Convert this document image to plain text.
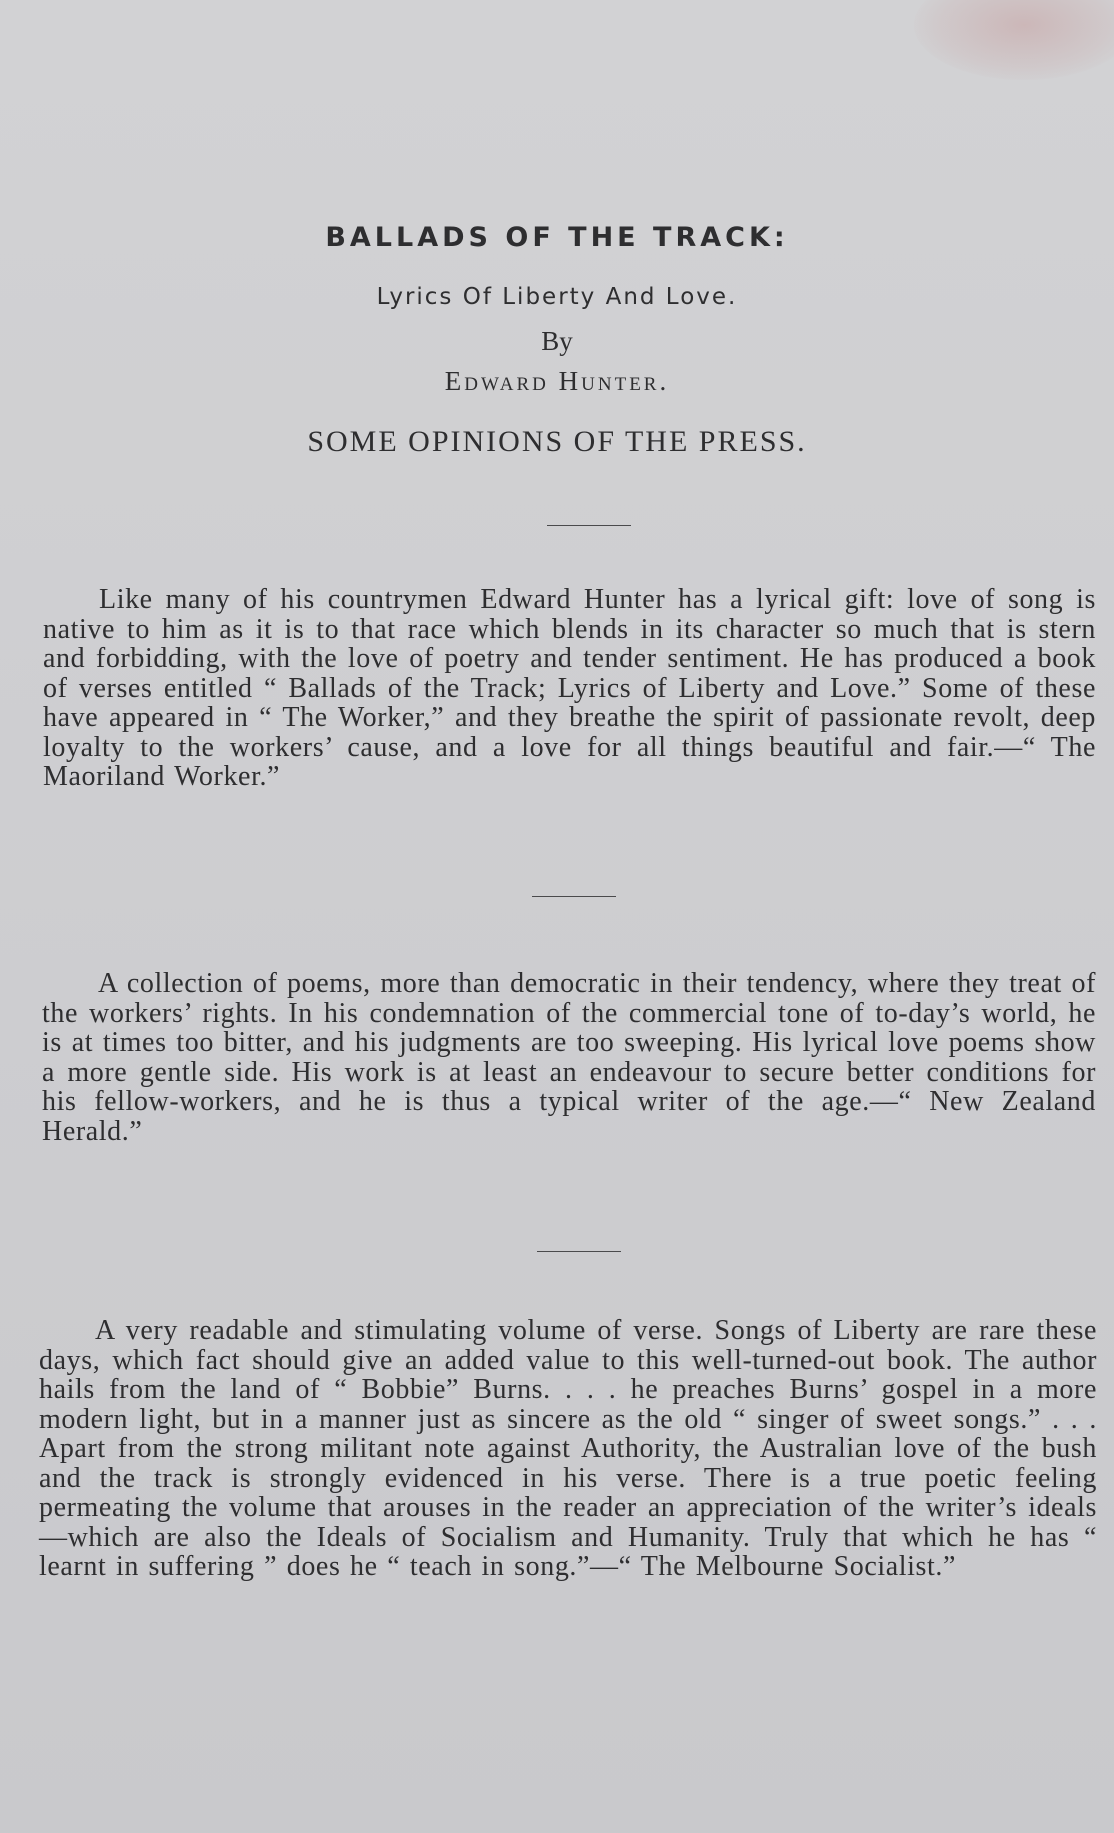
BALLADS OF THE TRACK:
Lyrics Of Liberty And Love.
By
Edward Hunter.
SOME OPINIONS OF THE PRESS.

Like many of his countrymen Edward Hunter has a lyrical gift: love of song is native to him as it is to that race which blends in its character so much that is stern and forbidding, with the love of poetry and tender sentiment. He has produced a book of verses entitled “ Ballads of the Track; Lyrics of Liberty and Love.” Some of these have appeared in “ The Worker,” and they breathe the spirit of passionate revolt, deep loyalty to the workers’ cause, and a love for all things beautiful and fair.—“ The Maoriland Worker.”

A collection of poems, more than democratic in their tendency, where they treat of the workers’ rights. In his condemnation of the commercial tone of to-day’s world, he is at times too bitter, and his judgments are too sweeping. His lyrical love poems show a more gentle side. His work is at least an endeavour to secure better conditions for his fellow-workers, and he is thus a typical writer of the age.—“ New Zealand Herald.”

A very readable and stimulating volume of verse. Songs of Liberty are rare these days, which fact should give an added value to this well-turned-out book. The author hails from the land of “ Bobbie” Burns. . . . he preaches Burns’ gospel in a more modern light, but in a manner just as sincere as the old “ singer of sweet songs.” . . . Apart from the strong militant note against Authority, the Australian love of the bush and the track is strongly evidenced in his verse. There is a true poetic feeling permeating the volume that arouses in the reader an appreciation of the writer’s ideals—which are also the Ideals of Socialism and Humanity. Truly that which he has “ learnt in suffering ” does he “ teach in song.”—“ The Melbourne Socialist.”
